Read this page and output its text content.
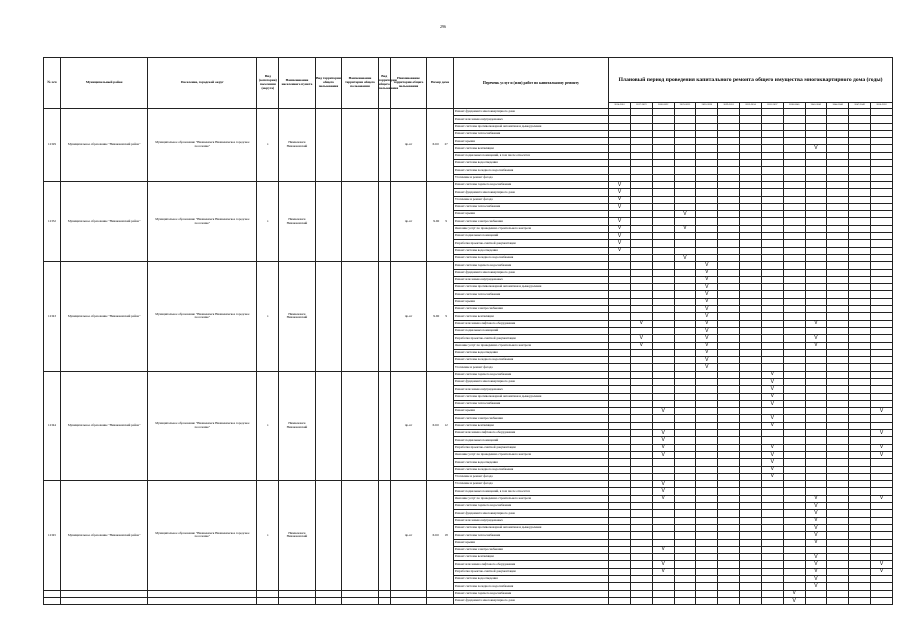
296
№ п/п	Муниципальный район	Поселение, городской округ	Вид (категория) поселения (округа)	Наименование населенного пункта	Вид территории общего пользования	Наименование территории общего пользования	Вид территории общего пользования	Наименование территории общего пользования	Номер дома	Перечень услуг и (или) работ по капитальному ремонту	Плановый период проведения капитального ремонта общего имущества многоквартирного дома (годы)												
											2014-2016	2017-2019	2020-2022	2023-2025	2026-2028	2029-2031	2032-2034	2035-2037	2038-2040	2041-2043	2044-2046	2047-2049	2050-2052
12329	Муниципальное образование "Нижнекамский район"	Муниципальное образование "Нижнекамск Нижнекамское городское поселение"	г.	Нижнекамск Нижнекамский				пр-кт	Х.Ш 27	Ремонт фундамента многоквартирного дома													
										Ремонт или замена внутридомовых													
										Ремонт системы противопожарной автоматики и дымоудаления													
										Ремонт системы теплоснабжения													
										Ремонт крыши													
										Ремонт системы вентиляции										V			
										Ремонт подвальных помещений, в том числе относятся													
										Ремонт системы водоотведения													
										Ремонт системы холодного водоснабжения													
										Утепление и ремонт фасада													
12332	Муниципальное образование "Нижнекамский район"	Муниципальное образование "Нижнекамск Нижнекамское городское поселение"	г.	Нижнекамск Нижнекамский				пр-кт	Х.Ш 9	Ремонт системы горячего водоснабжения	V												
										Ремонт фундамента многоквартирного дома	V												
										Утепление и ремонт фасада	V												
										Ремонт системы теплоснабжения	V												
										Ремонт крыши				V									
										Ремонт системы электроснабжения	V												
										Оказание услуг по проведению строительного контроля	V			V									
										Ремонт подвальных помещений	V												
										Разработка проектно-сметной документации	V												
										Ремонт системы водоотведения	V												
										Ремонт системы холодного водоснабжения				V									
12343	Муниципальное образование "Нижнекамский район"	Муниципальное образование "Нижнекамск Нижнекамское городское поселение"	г.	Нижнекамск Нижнекамский				пр-кт	Х.Ш 9	Ремонт системы горячего водоснабжения					V								
										Ремонт фундамента многоквартирного дома					V								
										Ремонт или замена внутридомовых					V								
										Ремонт системы противопожарной автоматики и дымоудаления					V								
										Ремонт системы теплоснабжения					V								
										Ремонт крыши					V								
										Ремонт системы электроснабжения					V								
										Ремонт системы вентиляции					V								
										Ремонт или замена лифтового оборудования		V			V					V			
										Ремонт подвальных помещений					V								
										Разработка проектно-сметной документации		V			V					V			
										Оказание услуг по проведению строительного контроля		V			V					V			
										Ремонт системы водоотведения					V								
										Ремонт системы холодного водоснабжения					V								
										Утепление и ремонт фасада					V								
12344	Муниципальное образование "Нижнекамский район"	Муниципальное образование "Нижнекамск Нижнекамское городское поселение"	г.	Нижнекамск Нижнекамский				пр-кт	Х.Ш 12	Ремонт системы горячего водоснабжения								V					
										Ремонт фундамента многоквартирного дома								V					
										Ремонт или замена внутридомовых								V					
										Ремонт системы противопожарной автоматики и дымоудаления								V					
										Ремонт системы теплоснабжения								V					
										Ремонт крыши			V										V
										Ремонт системы электроснабжения								V					
										Ремонт системы вентиляции								V					
										Ремонт или замена лифтового оборудования			V										V
										Ремонт подвальных помещений			V										
										Разработка проектно-сметной документации			V					V					V
										Оказание услуг по проведению строительного контроля			V					V					V
										Ремонт системы водоотведения								V					
										Ремонт системы холодного водоснабжения								V					
										Утепление и ремонт фасада								V					
12345	Муниципальное образование "Нижнекамский район"	Муниципальное образование "Нижнекамск Нижнекамское городское поселение"	г.	Нижнекамск Нижнекамский				пр-кт	Х.Ш 18	Утепление и ремонт фасада			V										
										Ремонт подвальных помещений, в том числе относятся			V										
										Оказание услуг по проведению строительного контроля			V							V			V
										Ремонт системы горячего водоснабжения										V			
										Ремонт фундамента многоквартирного дома										V			
										Ремонт или замена внутридомовых										V			
										Ремонт системы противопожарной автоматики и дымоудаления										V			
										Ремонт системы теплоснабжения										V			
										Ремонт крыши										V			
										Ремонт системы электроснабжения			V										
										Ремонт системы вентиляции										V			
										Ремонт или замена лифтового оборудования			V							V			V
										Разработка проектно-сметной документации			V							V			V
										Ремонт системы водоотведения										V			
										Ремонт системы холодного водоснабжения										V			
										Ремонт системы горячего водоснабжения									V				
										Ремонт фундамента многоквартирного дома									V				
